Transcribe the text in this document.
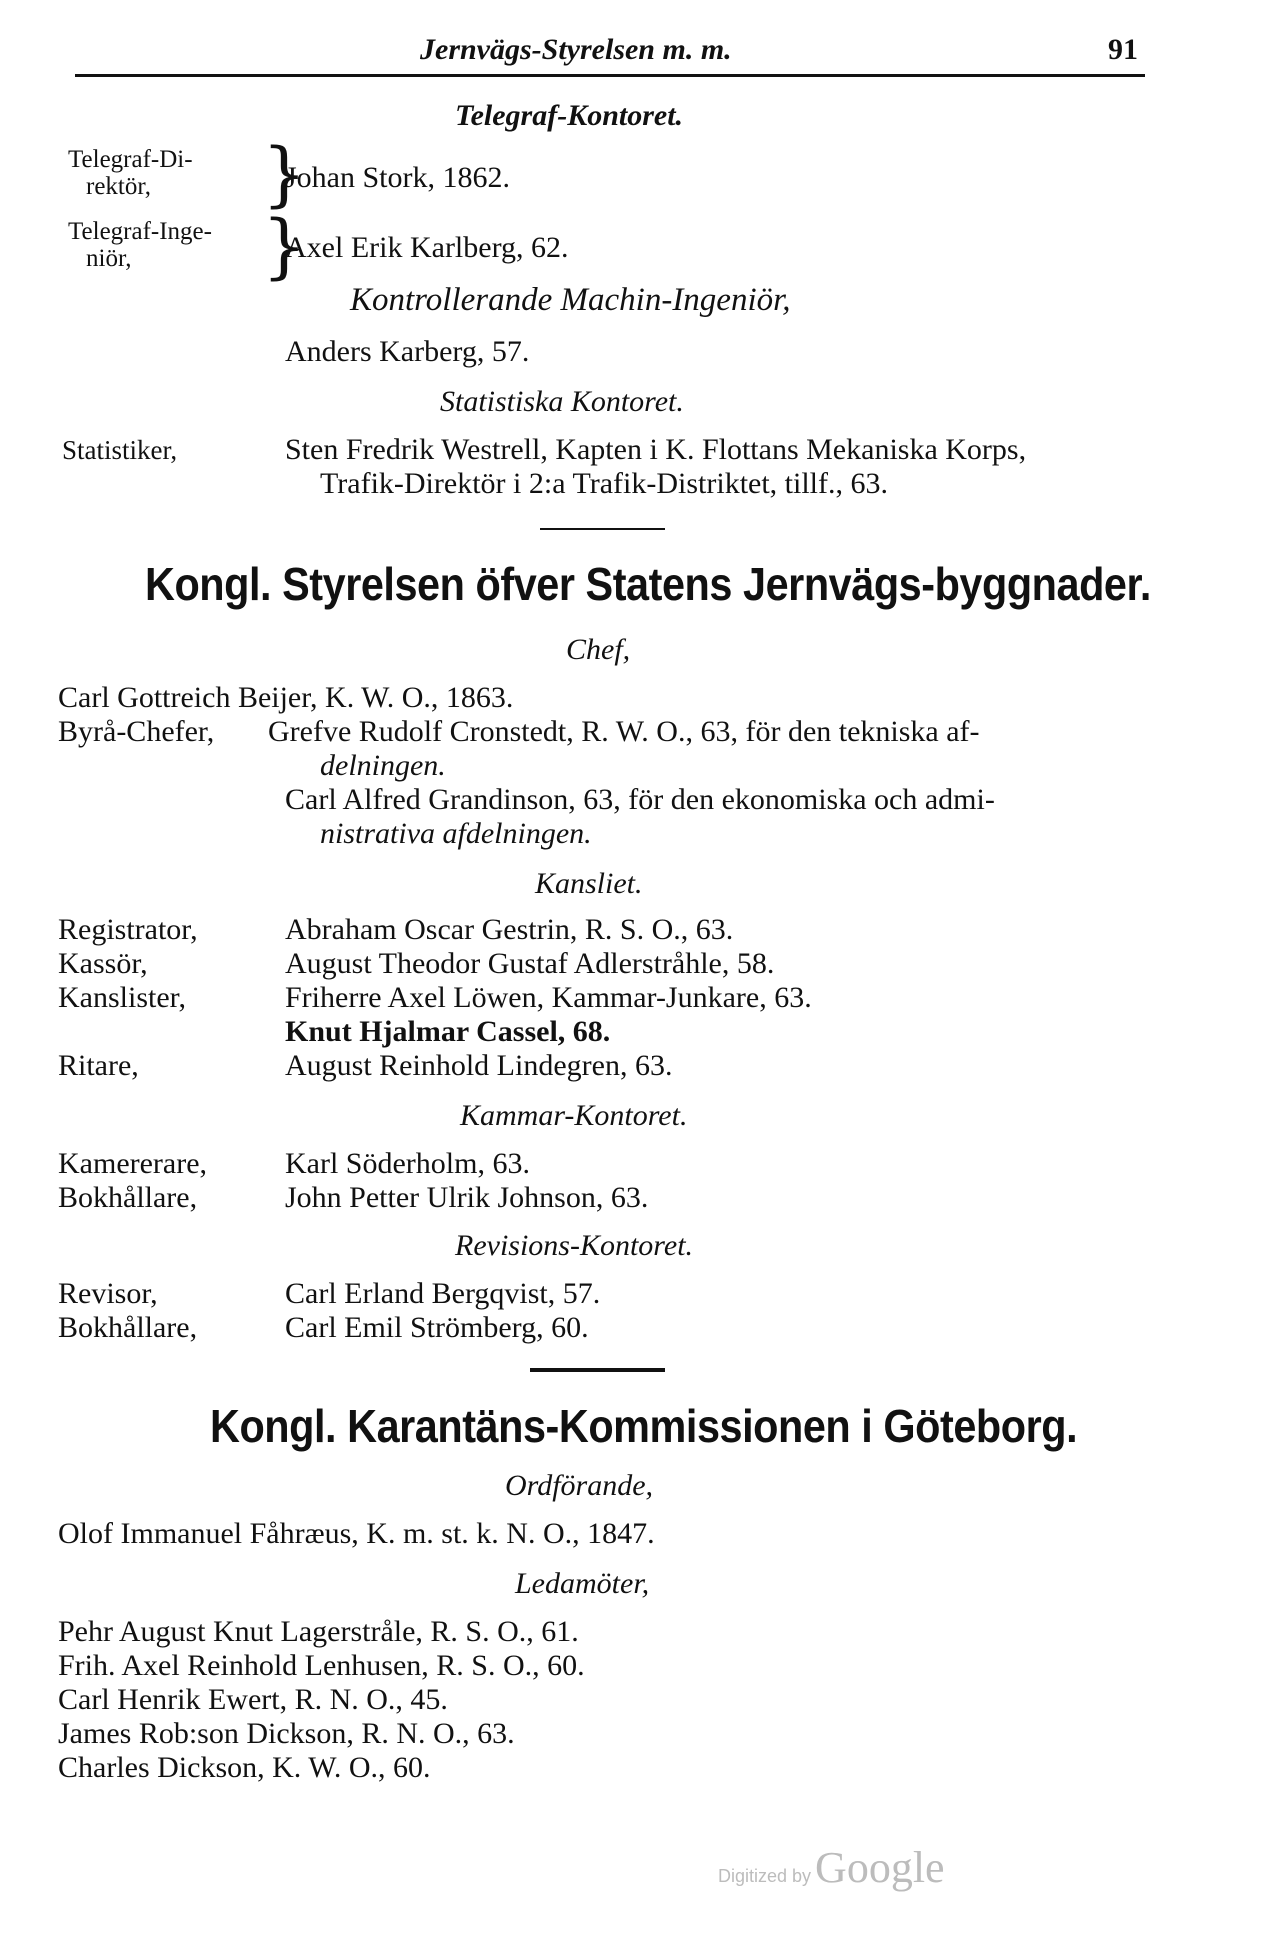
Jernvägs-Styrelsen m. m.	91
Telegraf-Kontoret.
Telegraf-Di-
rektör,	}
Johan Stork, 1862.
Telegraf-Inge-
niör,	}
Axel Erik Karlberg, 62.
Kontrollerande Machin-Ingeniör,
Anders Karberg, 57.
Statistiska Kontoret.
Statistiker,	Sten Fredrik Westrell, Kapten i K. Flottans Mekaniska Korps,
Trafik-Direktör i 2:a Trafik-Distriktet, tillf., 63.
Kongl. Styrelsen öfver Statens Jernvägs-byggnader.
Chef,
Carl Gottreich Beijer, K. W. O., 1863.
Byrå-Chefer, Grefve Rudolf Cronstedt, R. W. O., 63, för den tekniska af-
delningen.
Carl Alfred Grandinson, 63, för den ekonomiska och admi-
nistrativa afdelningen.
Kansliet.
Registrator,	Abraham Oscar Gestrin, R. S. O., 63.
Kassör,	August Theodor Gustaf Adlerstråhle, 58.
Kanslister,	Friherre Axel Löwen, Kammar-Junkare, 63.
Knut Hjalmar Cassel, 68.
Ritare,	August Reinhold Lindegren, 63.
Kammar-Kontoret.
Kamererare,	Karl Söderholm, 63.
Bokhållare,	John Petter Ulrik Johnson, 63.
Revisions-Kontoret.
Revisor,	Carl Erland Bergqvist, 57.
Bokhållare,	Carl Emil Strömberg, 60.
Kongl. Karantäns-Kommissionen i Göteborg.
Ordförande,
Olof Immanuel Fåhræus, K. m. st. k. N. O., 1847.
Ledamöter,
Pehr August Knut Lagerstråle, R. S. O., 61.
Frih. Axel Reinhold Lenhusen, R. S. O., 60.
Carl Henrik Ewert, R. N. O., 45.
James Rob:son Dickson, R. N. O., 63.
Charles Dickson, K. W. O., 60.
Digitized by Google
